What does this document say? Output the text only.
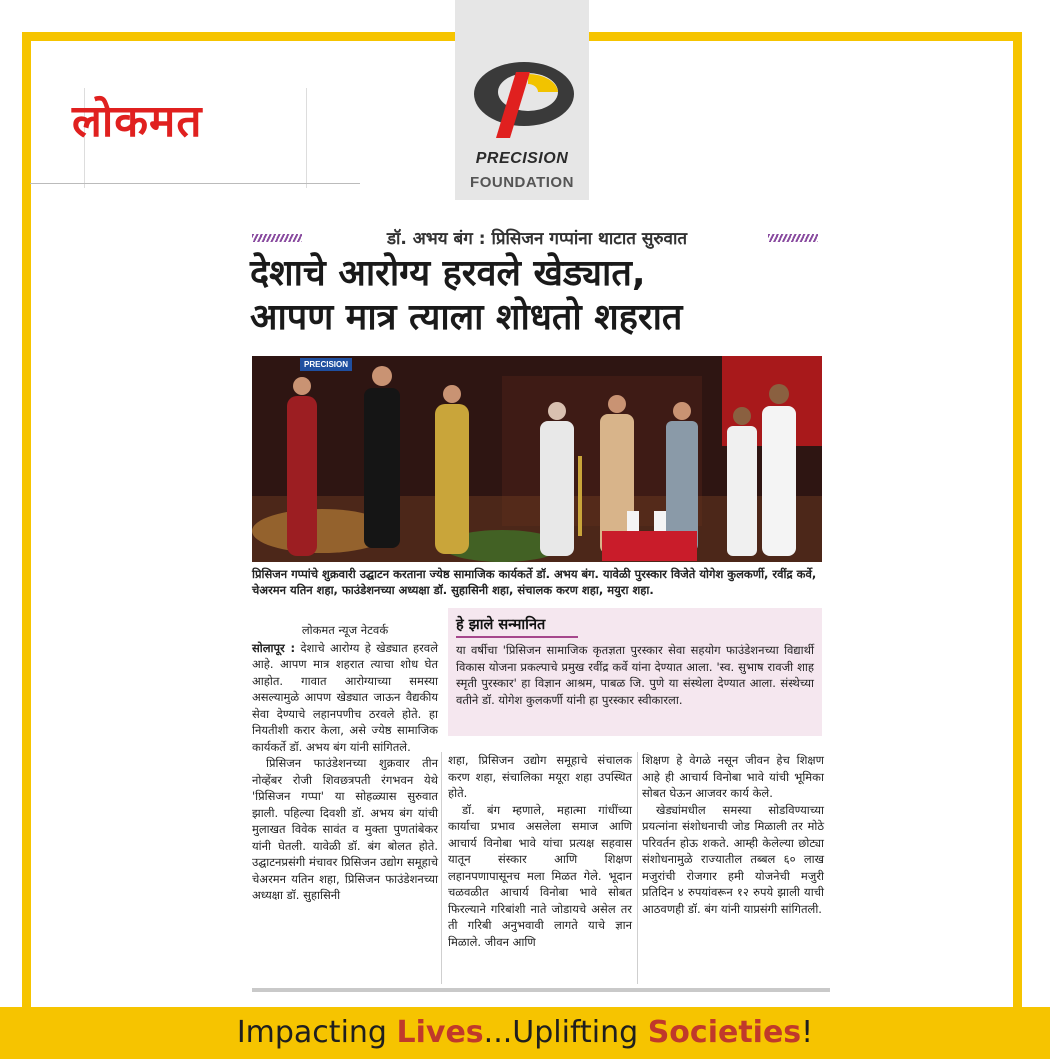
PRECISION
FOUNDATION
लोकमत
डॉ. अभय बंग : प्रिसिजन गप्पांना थाटात सुरुवात
देशाचे आरोग्य हरवले खेड्यात,
आपण मात्र त्याला शोधतो शहरात
PRECISION
प्रिसिजन गप्पांचे शुक्रवारी उद्घाटन करताना ज्येष्ठ सामाजिक कार्यकर्ते डॉ. अभय बंग. यावेळी पुरस्कार विजेते योगेश कुलकर्णी, रवींद्र कर्वे, चेअरमन यतिन शहा, फाउंडेशनच्या अध्यक्षा डॉ. सुहासिनी शहा, संचालक करण शहा, मयुरा शहा.
लोकमत न्यूज नेटवर्क

सोलापूर : देशाचे आरोग्य हे खेड्यात हरवले आहे. आपण मात्र शहरात त्याचा शोध घेत आहोत. गावात आरोग्याच्या समस्या असल्यामुळे आपण खेड्यात जाऊन वैद्यकीय सेवा देण्याचे लहानपणीच ठरवले होते. हा नियतीशी करार केला, असे ज्येष्ठ सामाजिक कार्यकर्ते डॉ. अभय बंग यांनी सांगितले.

प्रिसिजन फाउंडेशनच्या शुक्रवार तीन नोव्हेंबर रोजी शिवछत्रपती रंगभवन येथे 'प्रिसिजन गप्पा' या सोहळ्यास सुरुवात झाली. पहिल्या दिवशी डॉ. अभय बंग यांची मुलाखत विवेक सावंत व मुक्ता पुणतांबेकर यांनी घेतली. यावेळी डॉ. बंग बोलत होते. उद्घाटनप्रसंगी मंचावर प्रिसिजन उद्योग समूहाचे चेअरमन यतिन शहा, प्रिसिजन फाउंडेशनच्या अध्यक्षा डॉ. सुहासिनी

हे झाले सन्मानित
या वर्षीचा 'प्रिसिजन सामाजिक कृतज्ञता पुरस्कार सेवा सहयोग फाउंडेशनच्या विद्यार्थी विकास योजना प्रकल्पाचे प्रमुख रवींद्र कर्वे यांना देण्यात आला. 'स्व. सुभाष रावजी शाह स्मृती पुरस्कार' हा विज्ञान आश्रम, पाबळ जि. पुणे या संस्थेला देण्यात आला. संस्थेच्या वतीने डॉ. योगेश कुलकर्णी यांनी हा पुरस्कार स्वीकारला.

शहा, प्रिसिजन उद्योग समूहाचे संचालक करण शहा, संचालिका मयूरा शहा उपस्थित होते.

डॉ. बंग म्हणाले, महात्मा गांधींच्या कार्याचा प्रभाव असलेला समाज आणि आचार्य विनोबा भावे यांचा प्रत्यक्ष सहवास यातून संस्कार आणि शिक्षण लहानपणापासूनच मला मिळत गेले. भूदान चळवळीत आचार्य विनोबा भावे सोबत फिरल्याने गरिबांशी नाते जोडायचे असेल तर ती गरिबी अनुभवावी लागते याचे ज्ञान मिळाले. जीवन आणि

शिक्षण हे वेगळे नसून जीवन हेच शिक्षण आहे ही आचार्य विनोबा भावे यांची भूमिका सोबत घेऊन आजवर कार्य केले.

खेड्यांमधील समस्या सोडविण्याच्या प्रयत्नांना संशोधनाची जोड मिळाली तर मोठे परिवर्तन होऊ शकते. आम्ही केलेल्या छोट्या संशोधनामुळे राज्यातील तब्बल ६० लाख मजुरांची रोजगार हमी योजनेची मजुरी प्रतिदिन ४ रुपयांवरून १२ रुपये झाली याची आठवणही डॉ. बंग यांनी याप्रसंगी सांगितली.

Impacting Lives...Uplifting Societies!
